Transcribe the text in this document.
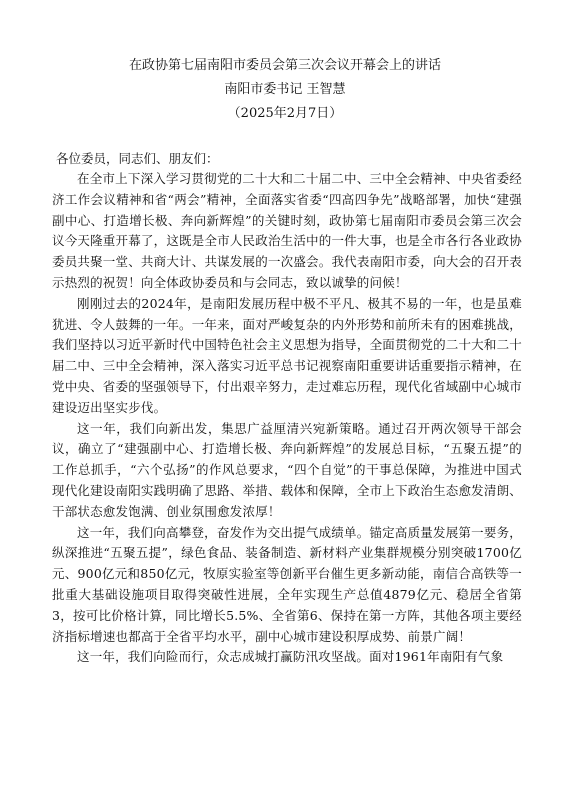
在政协第七届南阳市委员会第三次会议开幕会上的讲话
南阳市委书记 王智慧
（2025年2月7日）

各位委员，同志们、朋友们：

在全市上下深入学习贯彻党的二十大和二十届二中、三中全会精神、中央省委经济工作会议精神和省“两会”精神，全面落实省委“四高四争先”战略部署，加快“建强副中心、打造增长极、奔向新辉煌”的关键时刻，政协第七届南阳市委员会第三次会议今天隆重开幕了，这既是全市人民政治生活中的一件大事，也是全市各行各业政协委员共聚一堂、共商大计、共谋发展的一次盛会。我代表南阳市委，向大会的召开表示热烈的祝贺！向全体政协委员和与会同志，致以诚挚的问候！

刚刚过去的2024年，是南阳发展历程中极不平凡、极其不易的一年，也是虽难犹进、令人鼓舞的一年。一年来，面对严峻复杂的内外形势和前所未有的困难挑战，我们坚持以习近平新时代中国特色社会主义思想为指导，全面贯彻党的二十大和二十届二中、三中全会精神，深入落实习近平总书记视察南阳重要讲话重要指示精神，在党中央、省委的坚强领导下，付出艰辛努力，走过难忘历程，现代化省域副中心城市建设迈出坚实步伐。

这一年，我们向新出发，集思广益厘清兴宛新策略。通过召开两次领导干部会议，确立了“建强副中心、打造增长极、奔向新辉煌”的发展总目标，“五聚五提”的工作总抓手，“六个弘扬”的作风总要求，“四个自觉”的干事总保障，为推进中国式现代化建设南阳实践明确了思路、举措、载体和保障，全市上下政治生态愈发清朗、干部状态愈发饱满、创业氛围愈发浓厚！

这一年，我们向高攀登，奋发作为交出提气成绩单。锚定高质量发展第一要务，纵深推进“五聚五提”，绿色食品、装备制造、新材料产业集群规模分别突破1700亿元、900亿元和850亿元，牧原实验室等创新平台催生更多新动能，南信合高铁等一批重大基础设施项目取得突破性进展，全年实现生产总值4879亿元、稳居全省第3，按可比价格计算，同比增长5.5%、全省第6、保持在第一方阵，其他各项主要经济指标增速也都高于全省平均水平，副中心城市建设积厚成势、前景广阔！

这一年，我们向险而行，众志成城打赢防汛攻坚战。面对1961年南阳有气象
